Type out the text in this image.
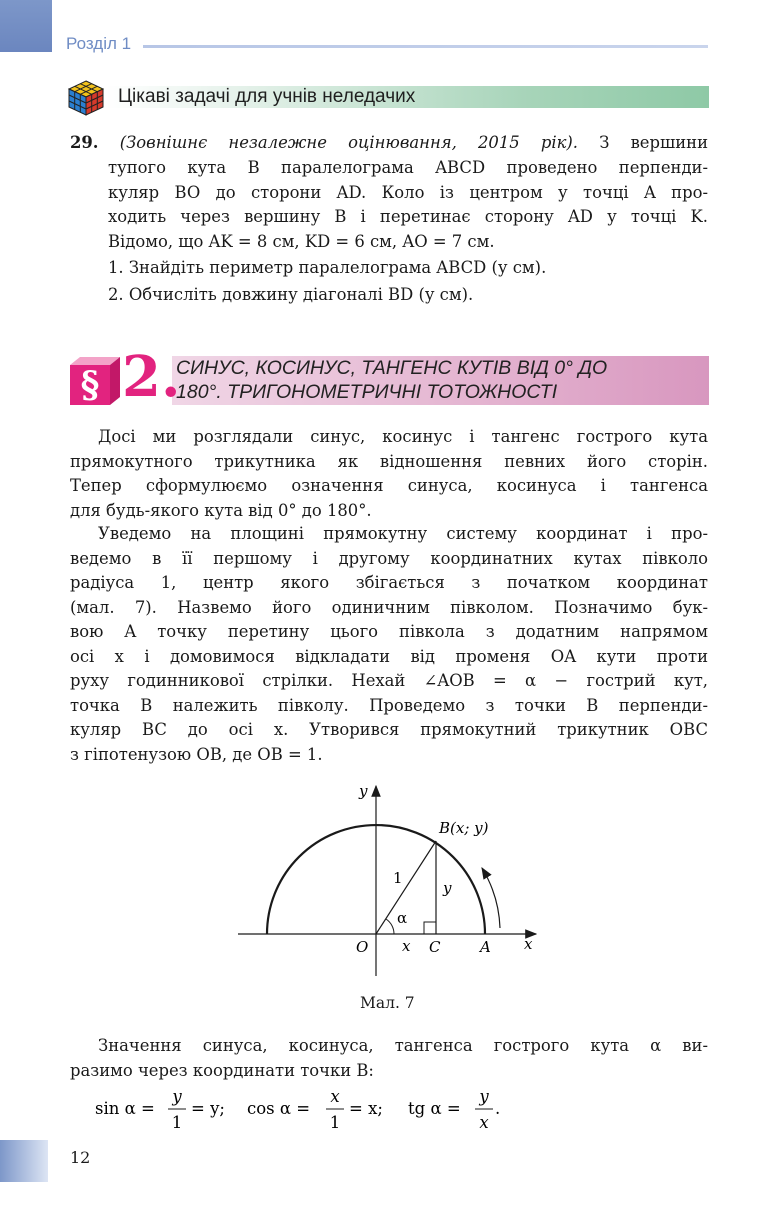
Розділ 1
Цікаві задачі для учнів неледачих
29. (Зовнішнє незалежне оцінювання, 2015 рік). З вершини
тупого кута B паралелограма ABCD проведено перпенди-
куляр BO до сторони AD. Коло із центром у точці A про-
ходить через вершину B і перетинає сторону AD у точці K.
Відомо, що AK = 8 см, KD = 6 см, AO = 7 см.
1. Знайдіть периметр паралелограма ABCD (у см).
2. Обчисліть довжину діагоналі BD (у см).
§ 2.
СИНУС, КОСИНУС, ТАНГЕНС КУТІВ ВІД 0° ДО
180°. ТРИГОНОМЕТРИЧНІ ТОТОЖНОСТІ
Досі ми розглядали синус, косинус і тангенс гострого кута
прямокутного трикутника як відношення певних його сторін.
Тепер сформулюємо означення синуса, косинуса і тангенса
для будь-якого кута від 0° до 180°.
Уведемо на площині прямокутну систему координат і про-
ведемо в її першому і другому координатних кутах півколо
радіуса 1, центр якого збігається з початком координат
(мал. 7). Назвемо його одиничним півколом. Позначимо бук-
вою A точку перетину цього півкола з додатним напрямом
осі x і домовимося відкладати від променя OA кути проти
руху годинникової стрілки. Нехай ∠AOB = α − гострий кут,
точка B належить півколу. Проведемо з точки B перпенди-
куляр BC до осі x. Утворився прямокутний трикутник OBC
з гіпотенузою OB, де OB = 1.
y
x
O
B(x; y)
1
y
α
x C	A
Мал. 7
Значення синуса, косинуса, тангенса гострого кута α ви-
разимо через координати точки B:
sin α =
y
1
= y; cos α =
x
1
= x; tg α =
y
x
.
12
